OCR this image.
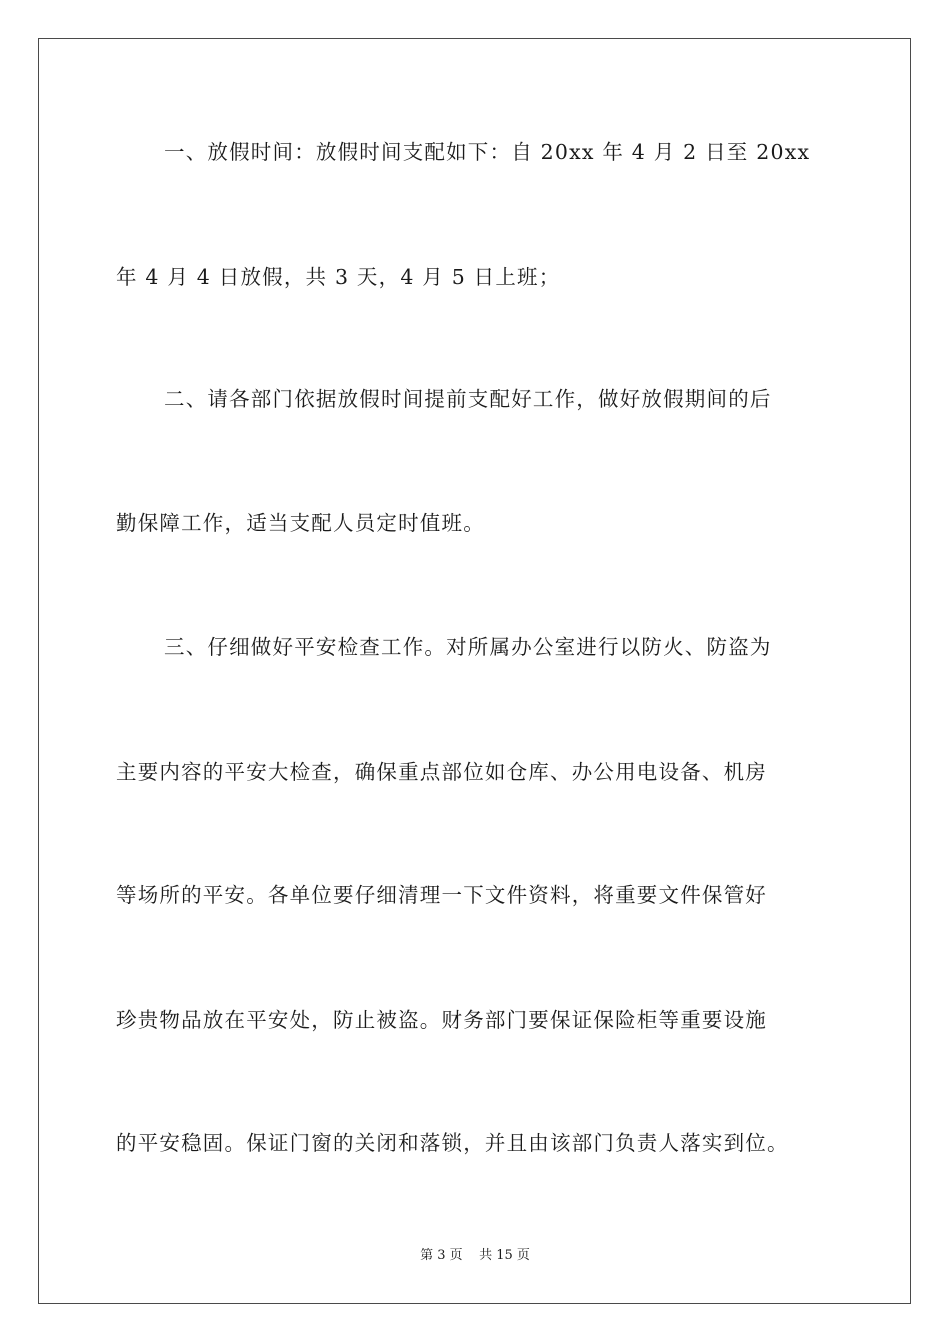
一、放假时间：放假时间支配如下：自 20xx 年 4 月 2 日至 20xx
年 4 月 4 日放假，共 3 天，4 月 5 日上班；
二、请各部门依据放假时间提前支配好工作，做好放假期间的后
勤保障工作，适当支配人员定时值班。
三、仔细做好平安检查工作。对所属办公室进行以防火、防盗为
主要内容的平安大检查，确保重点部位如仓库、办公用电设备、机房
等场所的平安。各单位要仔细清理一下文件资料，将重要文件保管好
珍贵物品放在平安处，防止被盗。财务部门要保证保险柜等重要设施
的平安稳固。保证门窗的关闭和落锁，并且由该部门负责人落实到位。
第 3 页    共 15 页
